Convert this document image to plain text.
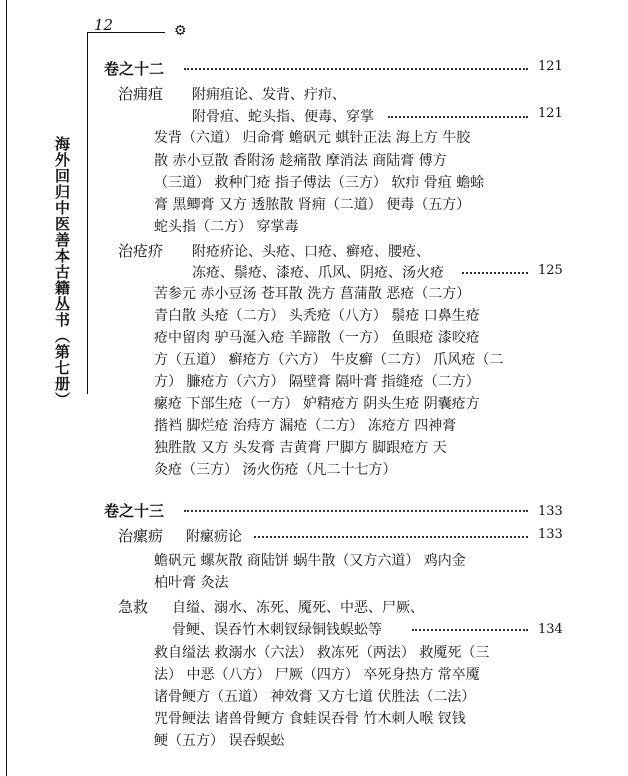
12	⚙
海外回归中医善本古籍丛书（第七册）
卷之十二	121
治痈疽 附痈疽论、发背、疔疖、
附骨疽、蛇头指、便毒、穿掌	121
发背（六道） 归命膏 蟾矾元 蜞针正法 海上方 牛胶
散 赤小豆散 香附汤 趁痛散 摩消法 商陆膏 傅方
（三道） 救种门疮 指子傅法（三方） 软疖 骨疽 蟾蜍
膏 黑鲫膏 又方 透脓散 肾痈（二道） 便毒（五方）
蛇头指（二方） 穿掌毒
治疮疥 附疮疥论、头疮、口疮、癣疮、腰疮、
冻疮、鬃疮、漆疮、爪风、阴疮、汤火疮	125
苦参元 赤小豆汤 苍耳散 洗方 菖蒲散 恶疮（二方）
青白散 头疮（二方） 头秃疮（八方） 鬃疮 口鼻生疮
疮中留肉 驴马涎入疮 羊蹄散（一方） 鱼眼疮 漆咬疮
方（五道） 癣疮方（六方） 牛皮癣（二方） 爪风疮（二
方） 臁疮方（六方） 隔壁膏 隔叶膏 指缝疮（二方）
瘰疮 下部生疮（一方） 妒精疮方 阴头生疮 阴囊疮方
揩裆 脚烂疮 治痔方 漏疮（二方） 冻疮方 四神膏
独胜散 又方 头发膏 吉黄膏 尸脚方 脚跟疮方 天
灸疮（三方） 汤火伤疮（凡二十七方）
卷之十三	133
治瘰疬 附瘰疬论	133
蟾矾元 螺灰散 商陆饼 蜗牛散（又方六道） 鸡内金
柏叶膏 灸法
急救 自缢、溺水、冻死、魇死、中恶、尸厥、
骨鲠、误吞竹木刺钗绿铜钱蜈蚣等	134
救自缢法 救溺水（六法） 救冻死（两法） 救魇死（三
法） 中恶（八方） 尸厥（四方） 卒死身热方 常卒魇
诸骨鲠方（五道） 神效膏 又方七道 伏胜法（二法）
咒骨鲠法 诸兽骨鲠方 食蛙误吞骨 竹木刺人喉 钗钱
鲠（五方） 误吞蜈蚣
